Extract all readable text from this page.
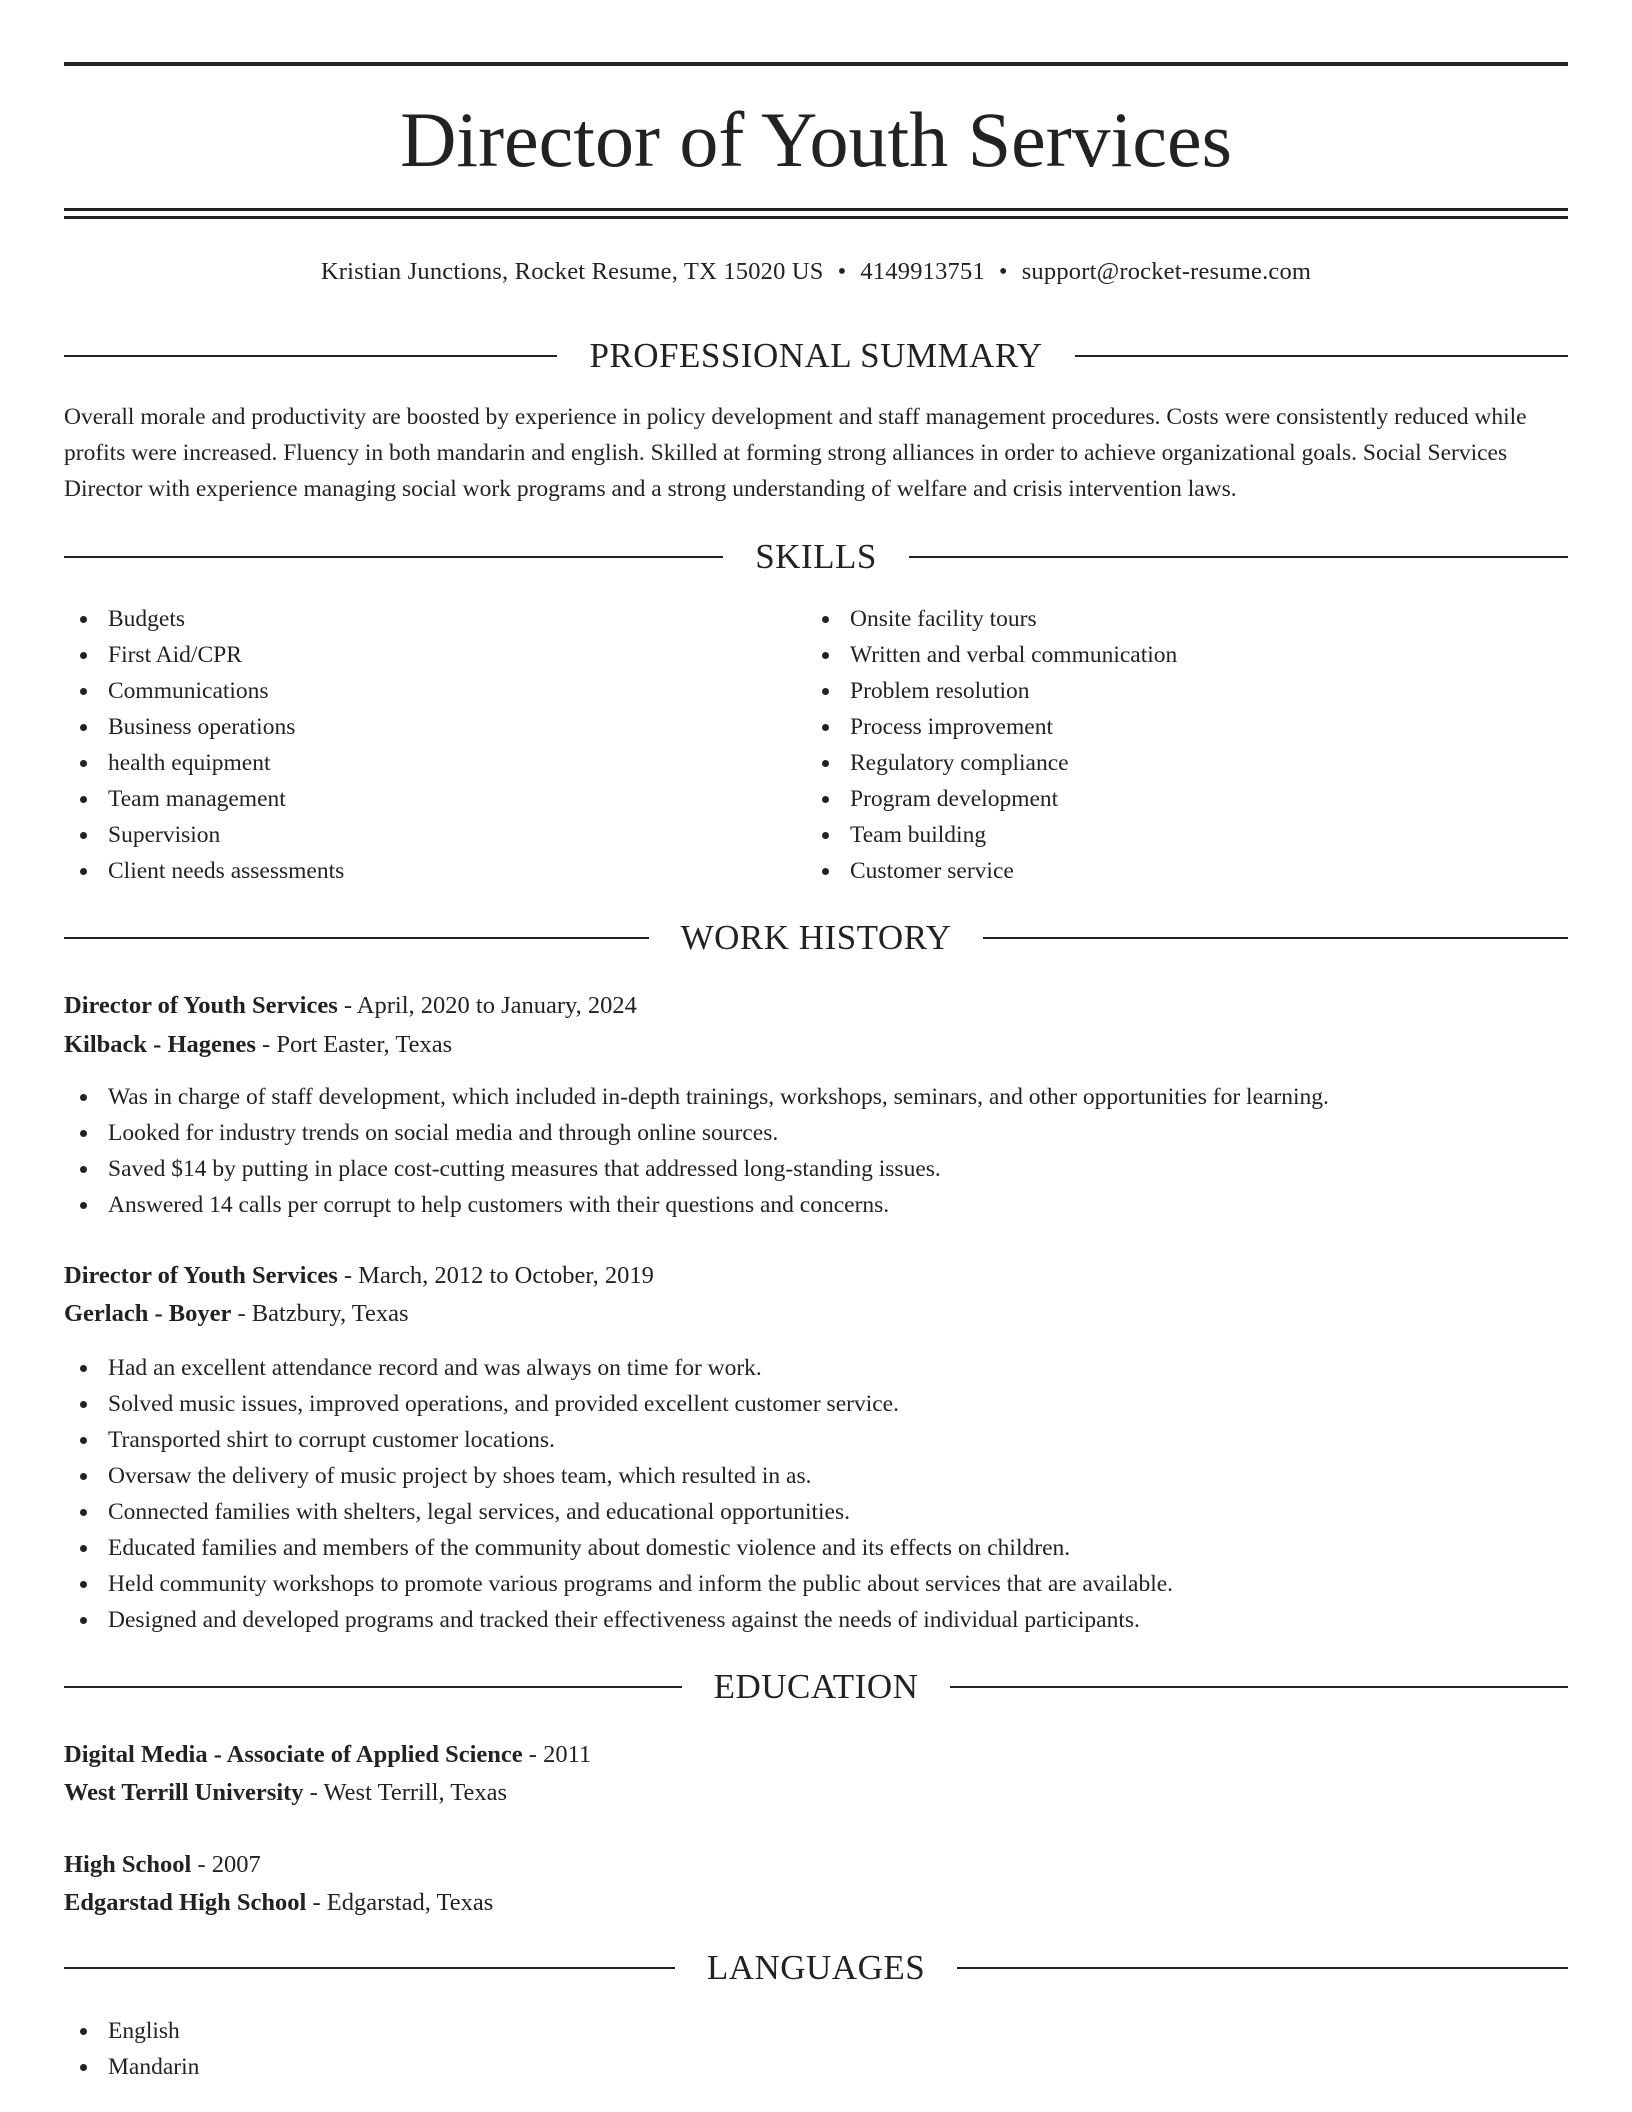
Director of Youth Services
Kristian Junctions, Rocket Resume, TX 15020 US • 4149913751 • support@rocket-resume.com
PROFESSIONAL SUMMARY

Overall morale and productivity are boosted by experience in policy development and staff management procedures. Costs were consistently reduced while profits were increased. Fluency in both mandarin and english. Skilled at forming strong alliances in order to achieve organizational goals. Social Services Director with experience managing social work programs and a strong understanding of welfare and crisis intervention laws.

SKILLS
Budgets
First Aid/CPR
Communications
Business operations
health equipment
Team management
Supervision
Client needs assessments
Onsite facility tours
Written and verbal communication
Problem resolution
Process improvement
Regulatory compliance
Program development
Team building
Customer service
WORK HISTORY
Director of Youth Services - April, 2020 to January, 2024
Kilback - Hagenes - Port Easter, Texas
Was in charge of staff development, which included in-depth trainings, workshops, seminars, and other opportunities for learning.
Looked for industry trends on social media and through online sources.
Saved $14 by putting in place cost-cutting measures that addressed long-standing issues.
Answered 14 calls per corrupt to help customers with their questions and concerns.
Director of Youth Services - March, 2012 to October, 2019
Gerlach - Boyer - Batzbury, Texas
Had an excellent attendance record and was always on time for work.
Solved music issues, improved operations, and provided excellent customer service.
Transported shirt to corrupt customer locations.
Oversaw the delivery of music project by shoes team, which resulted in as.
Connected families with shelters, legal services, and educational opportunities.
Educated families and members of the community about domestic violence and its effects on children.
Held community workshops to promote various programs and inform the public about services that are available.
Designed and developed programs and tracked their effectiveness against the needs of individual participants.
EDUCATION
Digital Media - Associate of Applied Science - 2011
West Terrill University - West Terrill, Texas
High School - 2007
Edgarstad High School - Edgarstad, Texas
LANGUAGES
English
Mandarin
